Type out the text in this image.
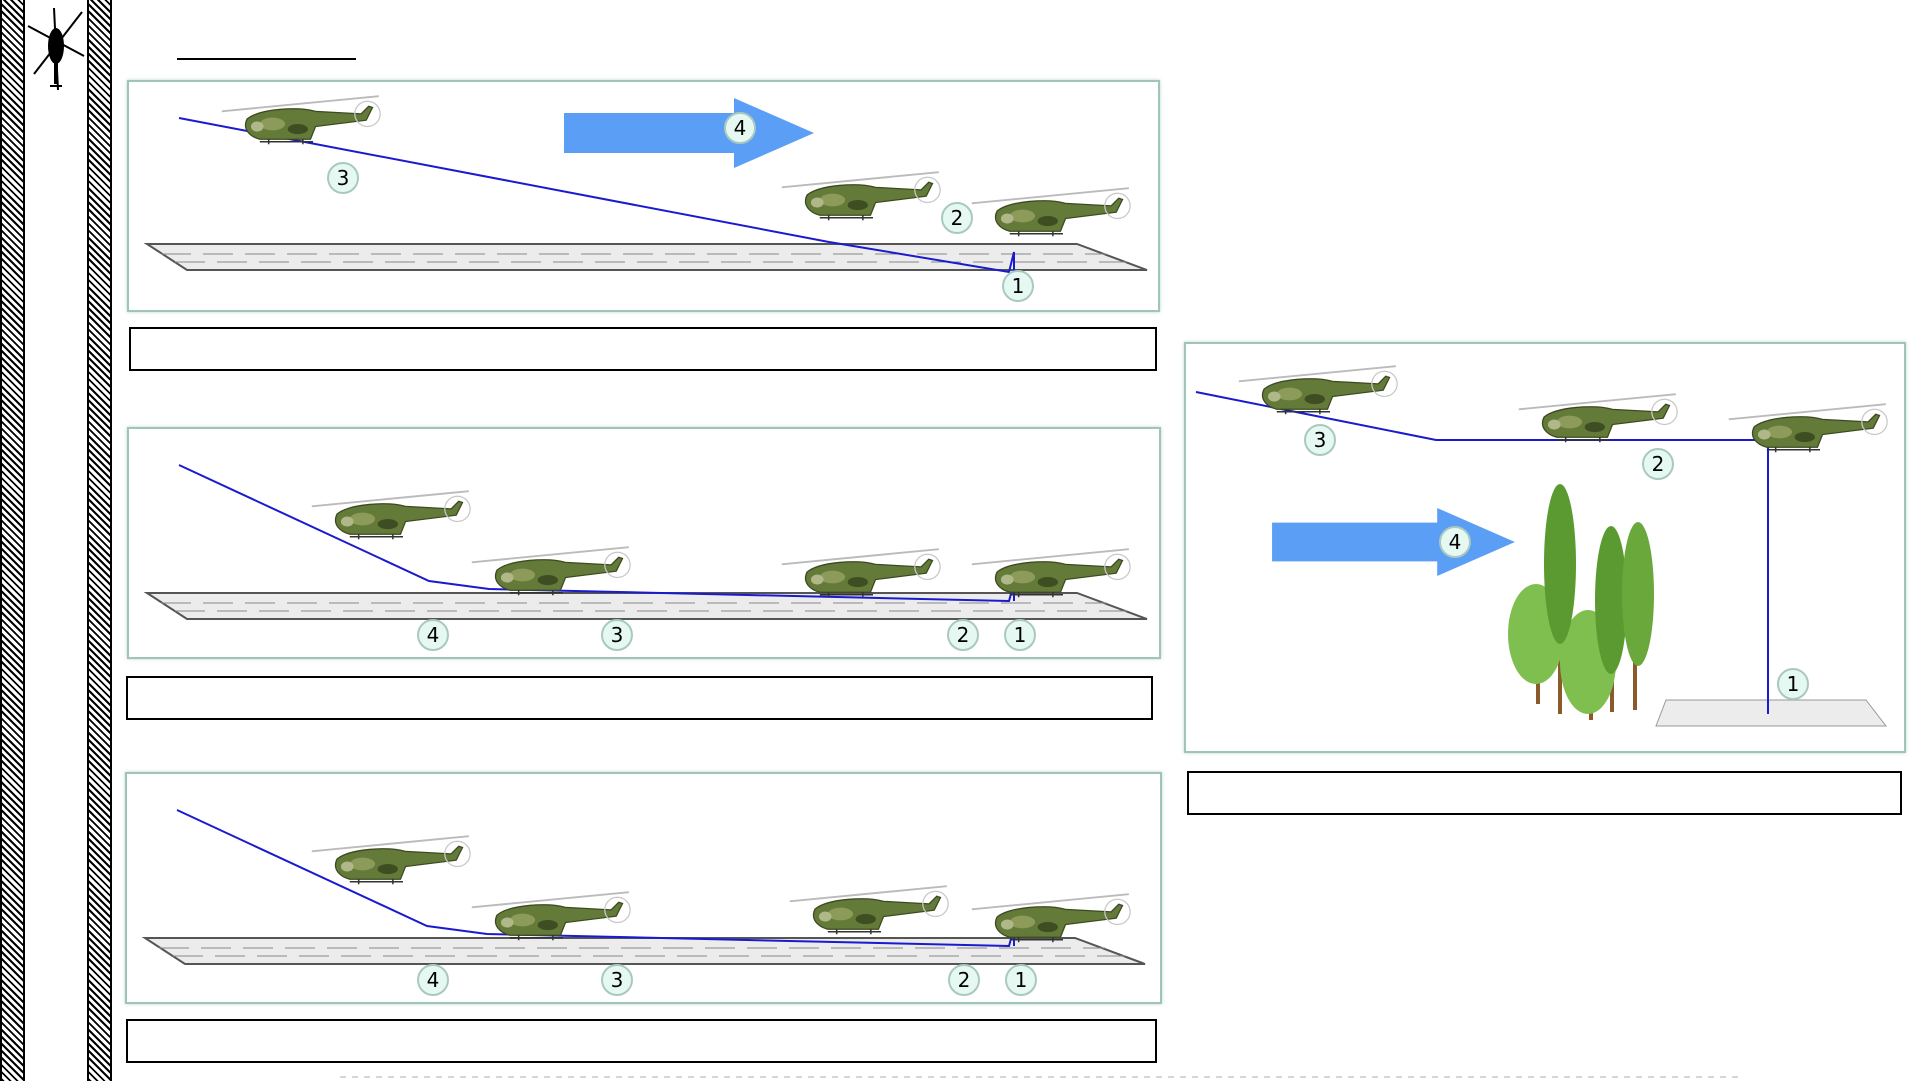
4
3
2
1
4	3	2 1
4	3	2 1
4
3
2
1
